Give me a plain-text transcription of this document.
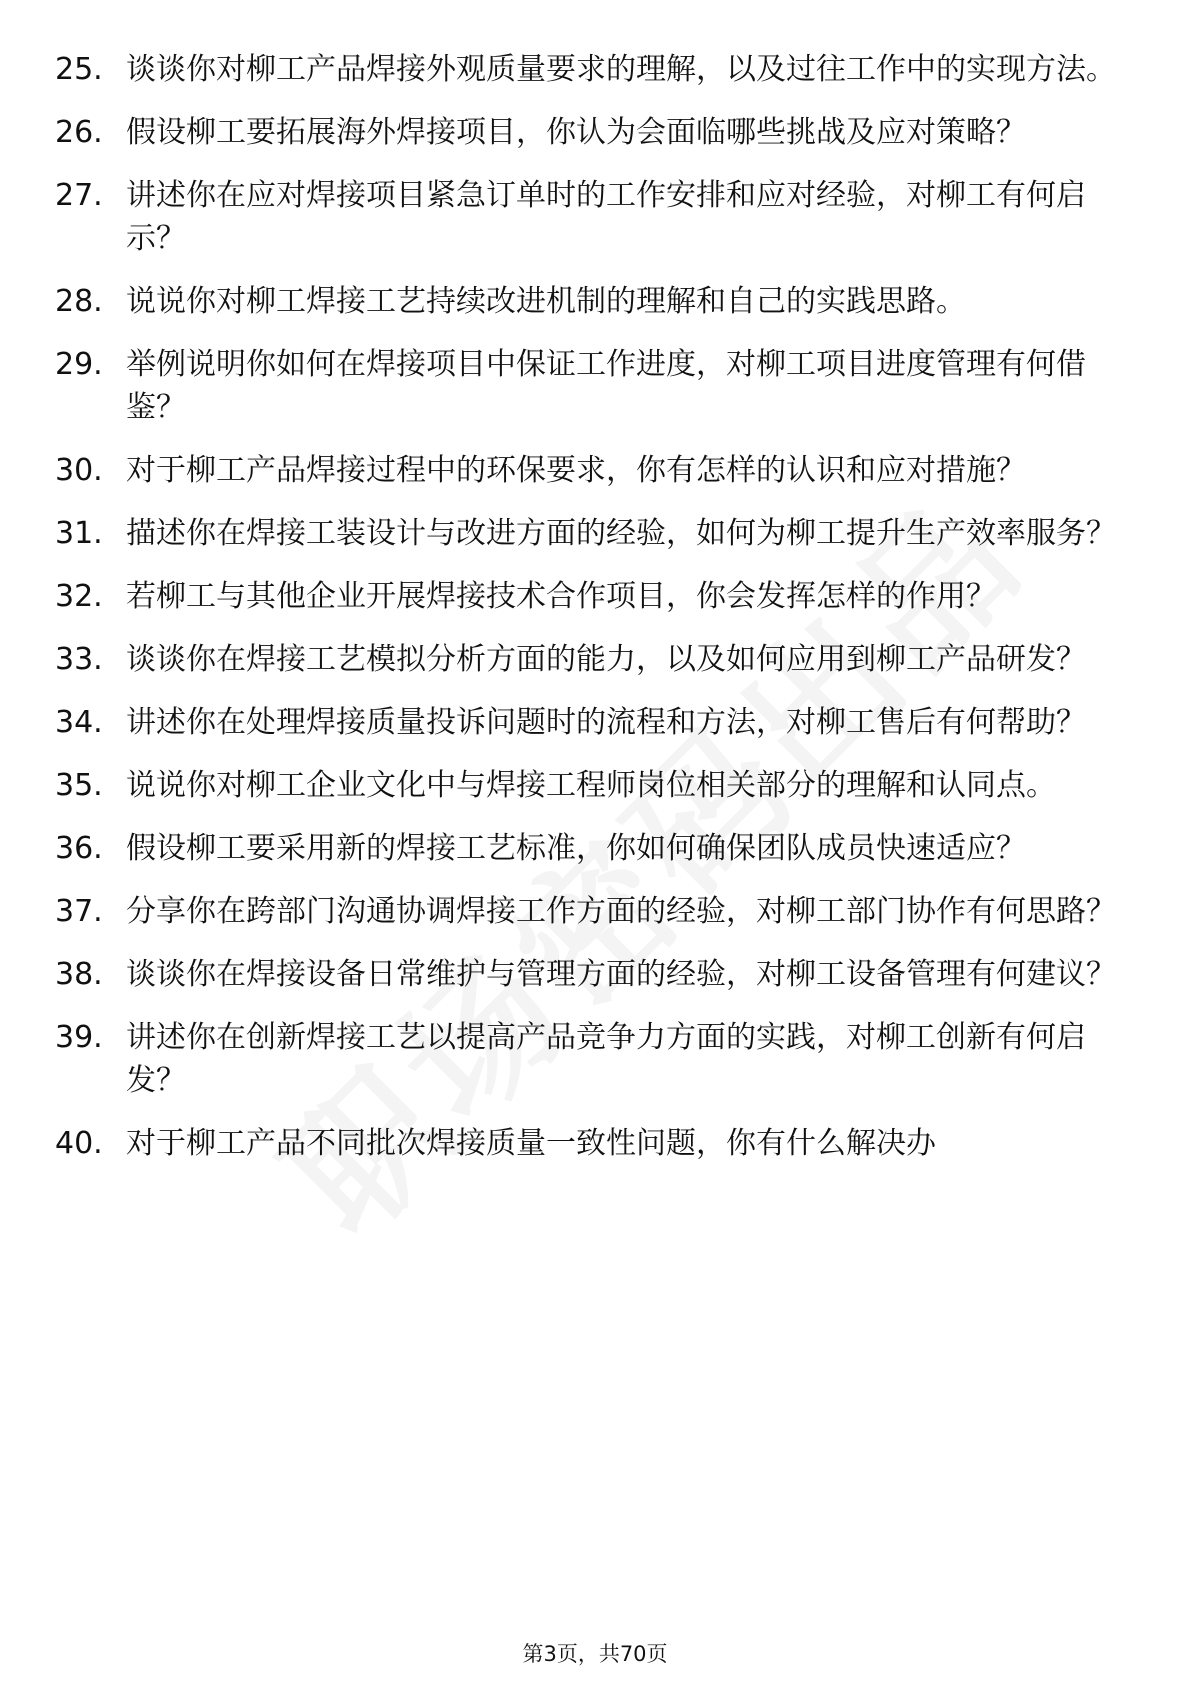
25. 谈谈你对柳工产品焊接外观质量要求的理解，以及过往工作中的实现方法。
26. 假设柳工要拓展海外焊接项目，你认为会面临哪些挑战及应对策略？
27. 讲述你在应对焊接项目紧急订单时的工作安排和应对经验，对柳工有何启示？
28. 说说你对柳工焊接工艺持续改进机制的理解和自己的实践思路。
29. 举例说明你如何在焊接项目中保证工作进度，对柳工项目进度管理有何借鉴？
30. 对于柳工产品焊接过程中的环保要求，你有怎样的认识和应对措施？
31. 描述你在焊接工装设计与改进方面的经验，如何为柳工提升生产效率服务？
32. 若柳工与其他企业开展焊接技术合作项目，你会发挥怎样的作用？
33. 谈谈你在焊接工艺模拟分析方面的能力，以及如何应用到柳工产品研发？
34. 讲述你在处理焊接质量投诉问题时的流程和方法，对柳工售后有何帮助？
35. 说说你对柳工企业文化中与焊接工程师岗位相关部分的理解和认同点。
36. 假设柳工要采用新的焊接工艺标准，你如何确保团队成员快速适应？
37. 分享你在跨部门沟通协调焊接工作方面的经验，对柳工部门协作有何思路？
38. 谈谈你在焊接设备日常维护与管理方面的经验，对柳工设备管理有何建议？
39. 讲述你在创新焊接工艺以提高产品竞争力方面的实践，对柳工创新有何启发？
40. 对于柳工产品不同批次焊接质量一致性问题，你有什么解决办
第3页，共70页
